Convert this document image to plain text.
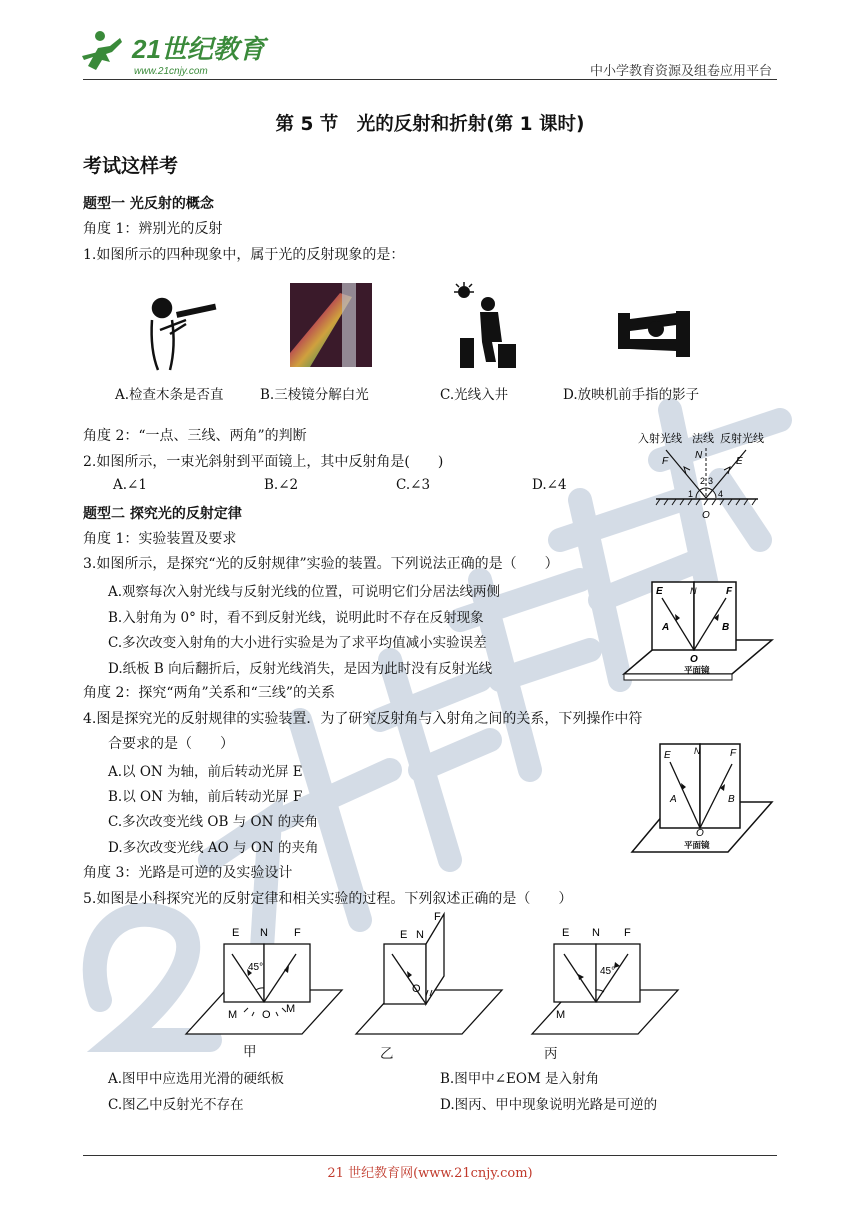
21世纪教育
www.21cnjy.com	中小学教育资源及组卷应用平台
第 5 节　光的反射和折射(第 1 课时)
考试这样考
题型一 光反射的概念
角度 1：辨别光的反射
1.如图所示的四种现象中，属于光的反射现象的是：
A.检查木条是否直	B.三棱镜分解白光	C.光线入井	D.放映机前手指的影子
角度 2：“一点、三线、两角”的判断
2.如图所示，一束光斜射到平面镜上，其中反射角是(　　)
A.∠1	B.∠2	C.∠3	D.∠4
入射光线 法线 反射光线
F
N
E
1
2 3
4
O
题型二 探究光的反射定律
角度 1：实验装置及要求
3.如图所示，是探究“光的反射规律”实验的装置。下列说法正确的是（　　）
A.观察每次入射光线与反射光线的位置，可说明它们分居法线两侧
B.入射角为 0° 时，看不到反射光线，说明此时不存在反射现象
C.多次改变入射角的大小进行实验是为了求平均值减小实验误差
D.纸板 B 向后翻折后，反射光线消失，是因为此时没有反射光线
E	N	F
A	B
O
平面镜
角度 2：探究“两角”关系和“三线”的关系
4.图是探究光的反射规律的实验装置．为了研究反射角与入射角之间的关系，下列操作中符
合要求的是（　　）
A.以 ON 为轴，前后转动光屏 E
B.以 ON 为轴，前后转动光屏 F
C.多次改变光线 OB 与 ON 的夹角
D.多次改变光线 AO 与 ON 的夹角
E	N	F
A	B
O
平面镜
角度 3：光路是可逆的及实验设计
5.如图是小科探究光的反射定律和相关实验的过程。下列叙述正确的是（　　）
E N F
45°
M O M
E N
F
O
E N F
45°
M
甲	乙	丙
A.图甲中应选用光滑的硬纸板	B.图甲中∠EOM 是入射角
C.图乙中反射光不存在	D.图丙、甲中现象说明光路是可逆的
21 世纪教育网(www.21cnjy.com)
